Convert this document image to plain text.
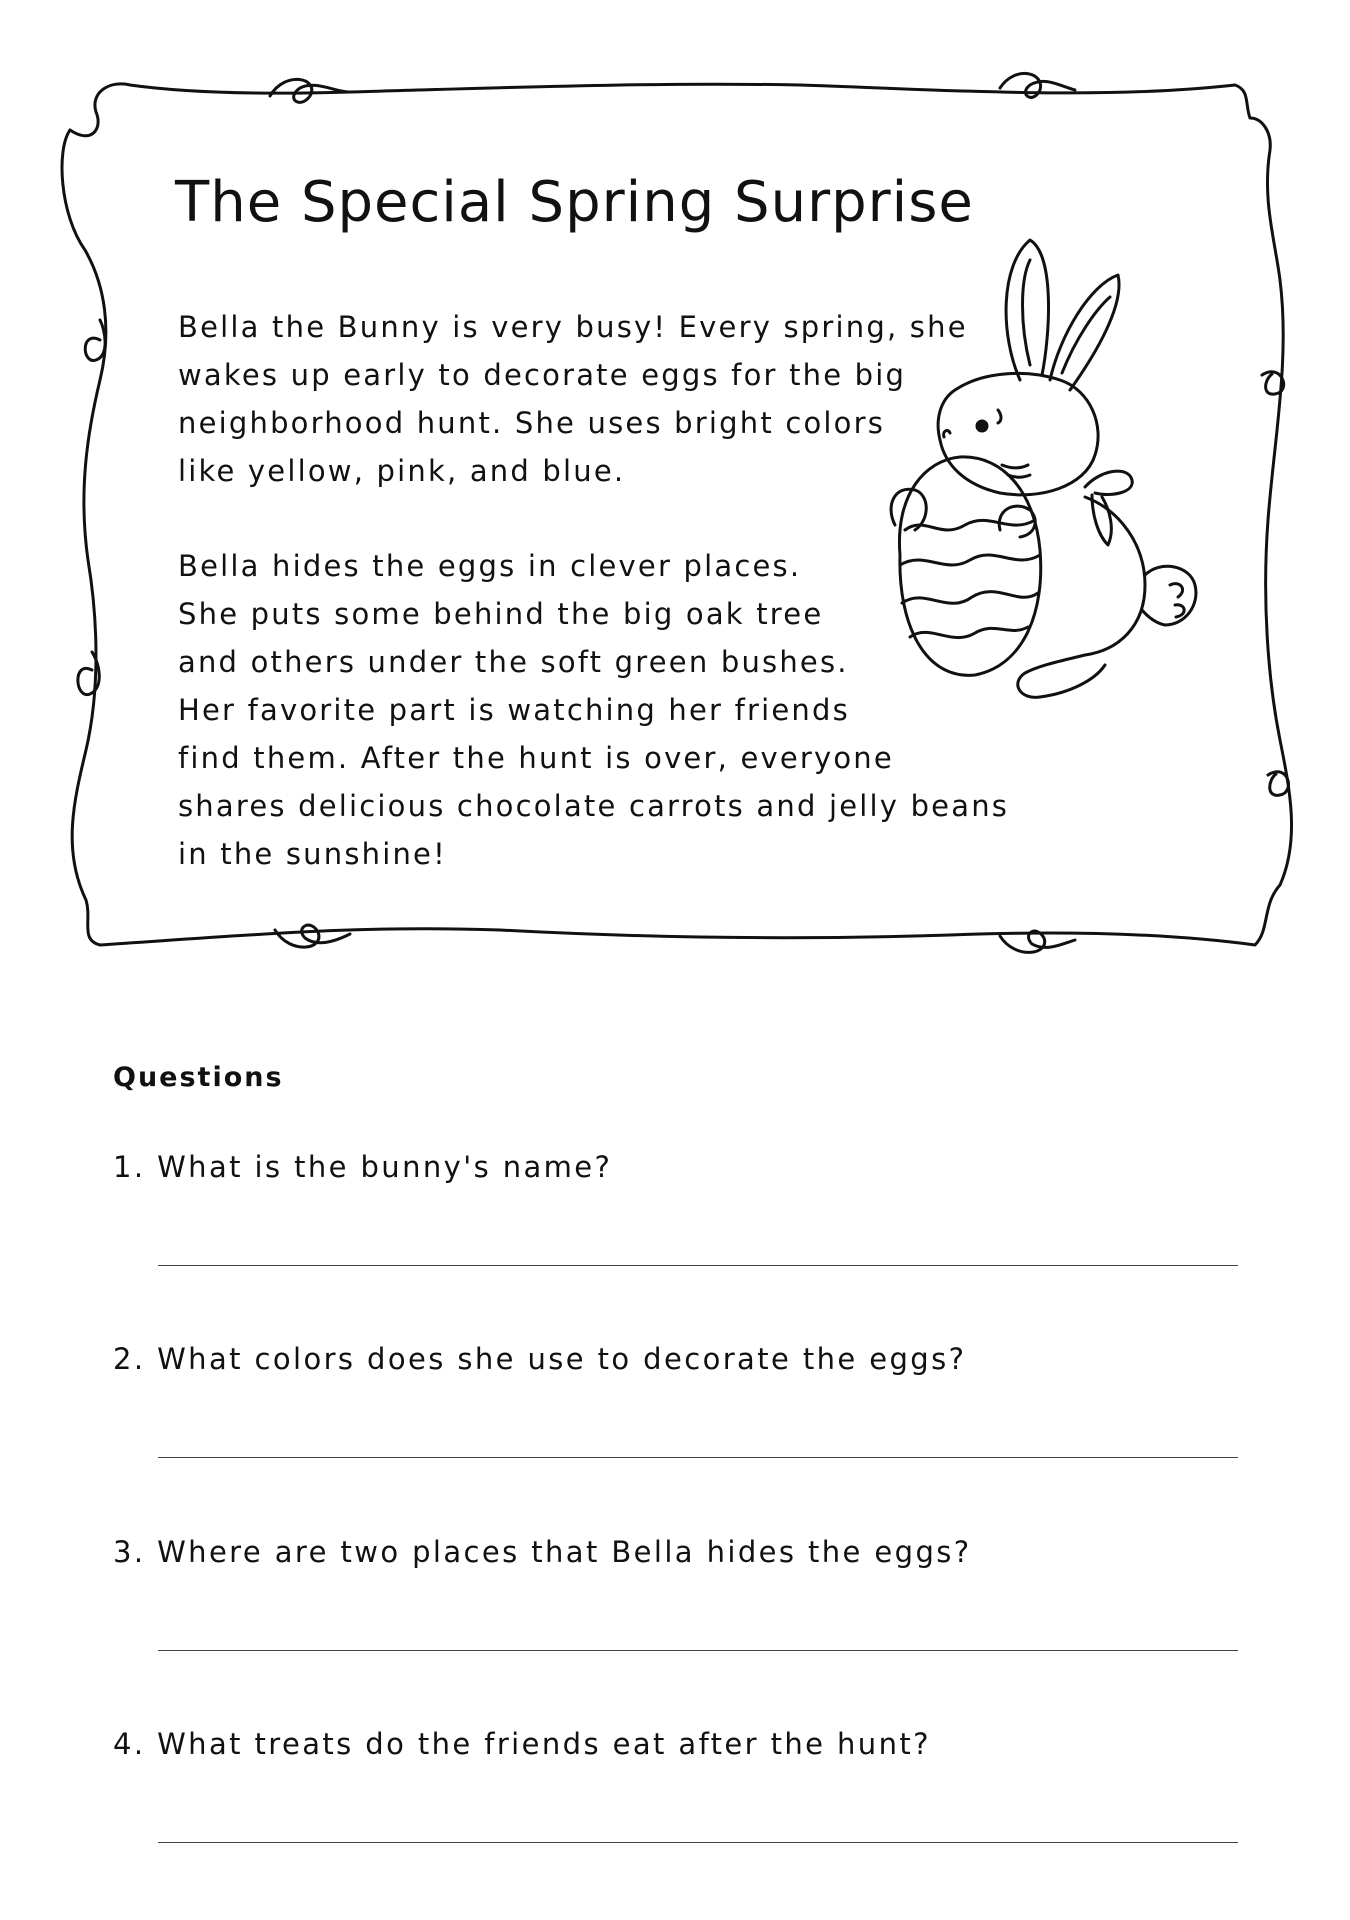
The Special Spring Surprise
Bella the Bunny is very busy! Every spring, she
wakes up early to decorate eggs for the big
neighborhood hunt. She uses bright colors
like yellow, pink, and blue.
Bella hides the eggs in clever places.
She puts some behind the big oak tree
and others under the soft green bushes.
Her favorite part is watching her friends
find them. After the hunt is over, everyone
shares delicious chocolate carrots and jelly beans
in the sunshine!
Questions
1. What is the bunny's name?
2. What colors does she use to decorate the eggs?
3. Where are two places that Bella hides the eggs?
4. What treats do the friends eat after the hunt?
